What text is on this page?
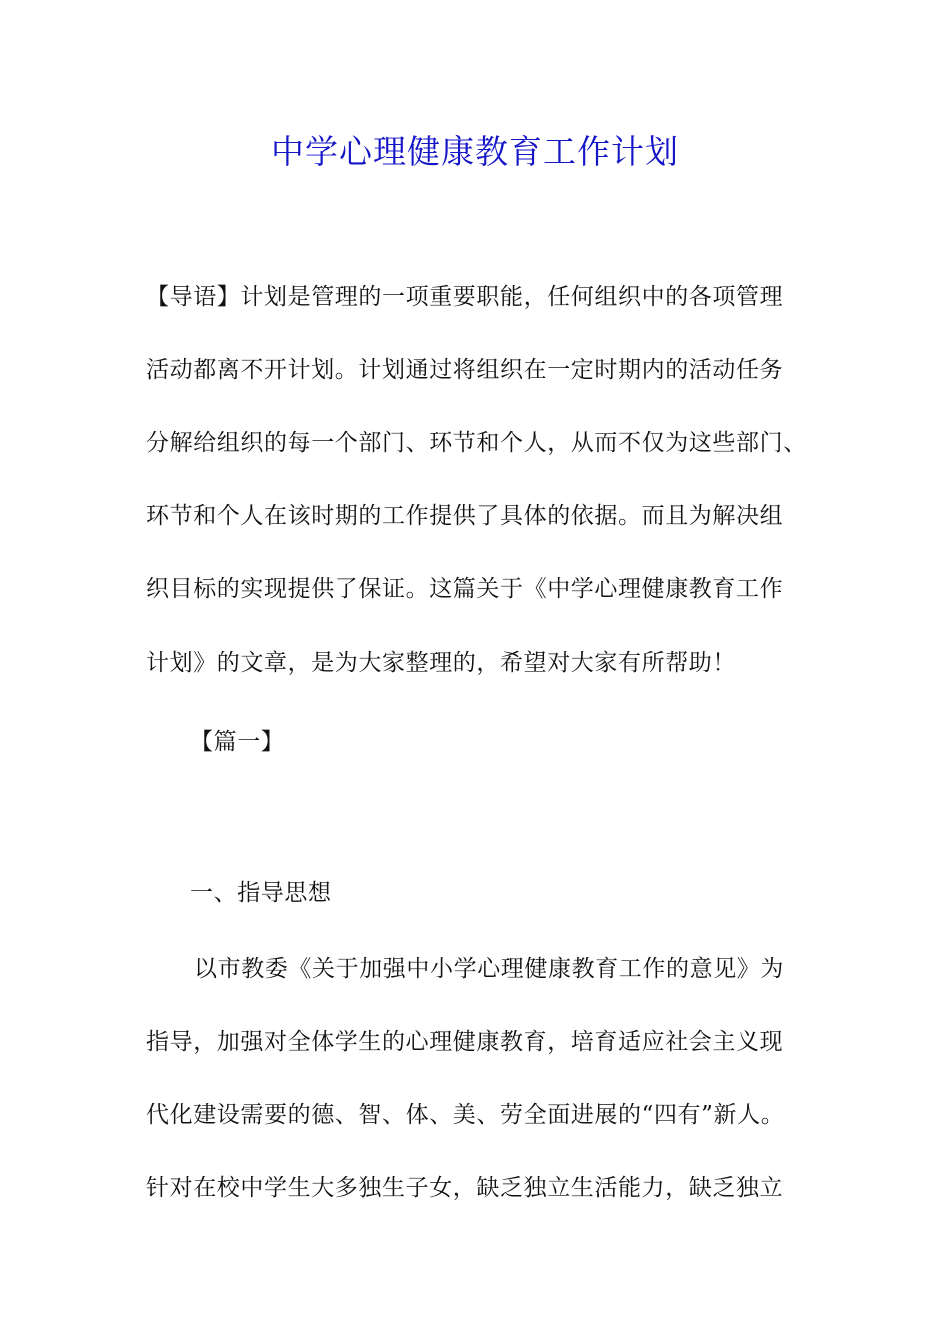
中学心理健康教育工作计划

【导语】计划是管理的一项重要职能，任何组织中的各项管理

活动都离不开计划。计划通过将组织在一定时期内的活动任务

分解给组织的每一个部门、环节和个人，从而不仅为这些部门、

环节和个人在该时期的工作提供了具体的依据。而且为解决组

织目标的实现提供了保证。这篇关于《中学心理健康教育工作

计划》的文章，是为大家整理的，希望对大家有所帮助！

【篇一】

一、指导思想

以市教委《关于加强中小学心理健康教育工作的意见》为

指导，加强对全体学生的心理健康教育，培育适应社会主义现

代化建设需要的德、智、体、美、劳全面进展的“四有”新人。

针对在校中学生大多独生子女，缺乏独立生活能力，缺乏独立
